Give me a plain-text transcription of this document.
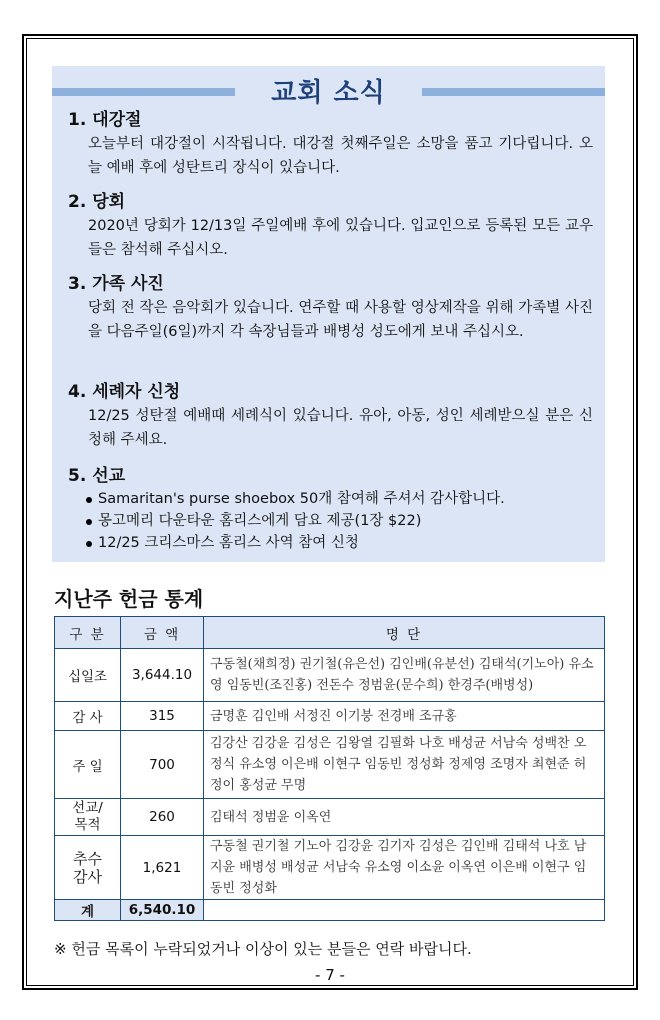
교회 소식

1. 대강절

오늘부터 대강절이 시작됩니다. 대강절 첫째주일은 소망을 품고 기다립니다. 오늘 예배 후에 성탄트리 장식이 있습니다.

2. 당회

2020년 당회가 12/13일 주일예배 후에 있습니다. 입교인으로 등록된 모든 교우들은 참석해 주십시오.

3. 가족 사진

당회 전 작은 음악회가 있습니다. 연주할 때 사용할 영상제작을 위해 가족별 사진을 다음주일(6일)까지 각 속장님들과 배병성 성도에게 보내 주십시오.

4. 세례자 신청

12/25 성탄절 예배때 세례식이 있습니다. 유아, 아동, 성인 세례받으실 분은 신청해 주세요.

5. 선교

Samaritan's purse shoebox 50개 참여해 주셔서 감사합니다.
몽고메리 다운타운 홈리스에게 담요 제공(1장 $22)
12/25 크리스마스 홈리스 사역 참여 신청

지난주 헌금 통계

구 분	금 액	명 단
십일조	3,644.10	구동철(채희정) 권기철(유은선) 김인배(유분선) 김태석(기노아) 유소영 임동빈(조진홍) 전돈수 정범윤(문수희) 한경주(배병성)
감 사	315	금명훈 김인배 서정진 이기붕 전경배 조규홍
주 일	700	김강산 김강윤 김성은 김왕열 김필화 나호 배성균 서남숙 성백찬 오정식 유소영 이은배 이현구 임동빈 정성화 정제영 조명자 최현준 허정이 홍성균 무명
선교/
목적	260	김태석 정범윤 이옥연
추수
감사	1,621	구동철 권기철 기노아 김강윤 김기자 김성은 김인배 김태석 나호 남지윤 배병성 배성균 서남숙 유소영 이소윤 이옥연 이은배 이현구 임동빈 정성화
계	6,540.10	

※ 헌금 목록이 누락되었거나 이상이 있는 분들은 연락 바랍니다.

- 7 -
